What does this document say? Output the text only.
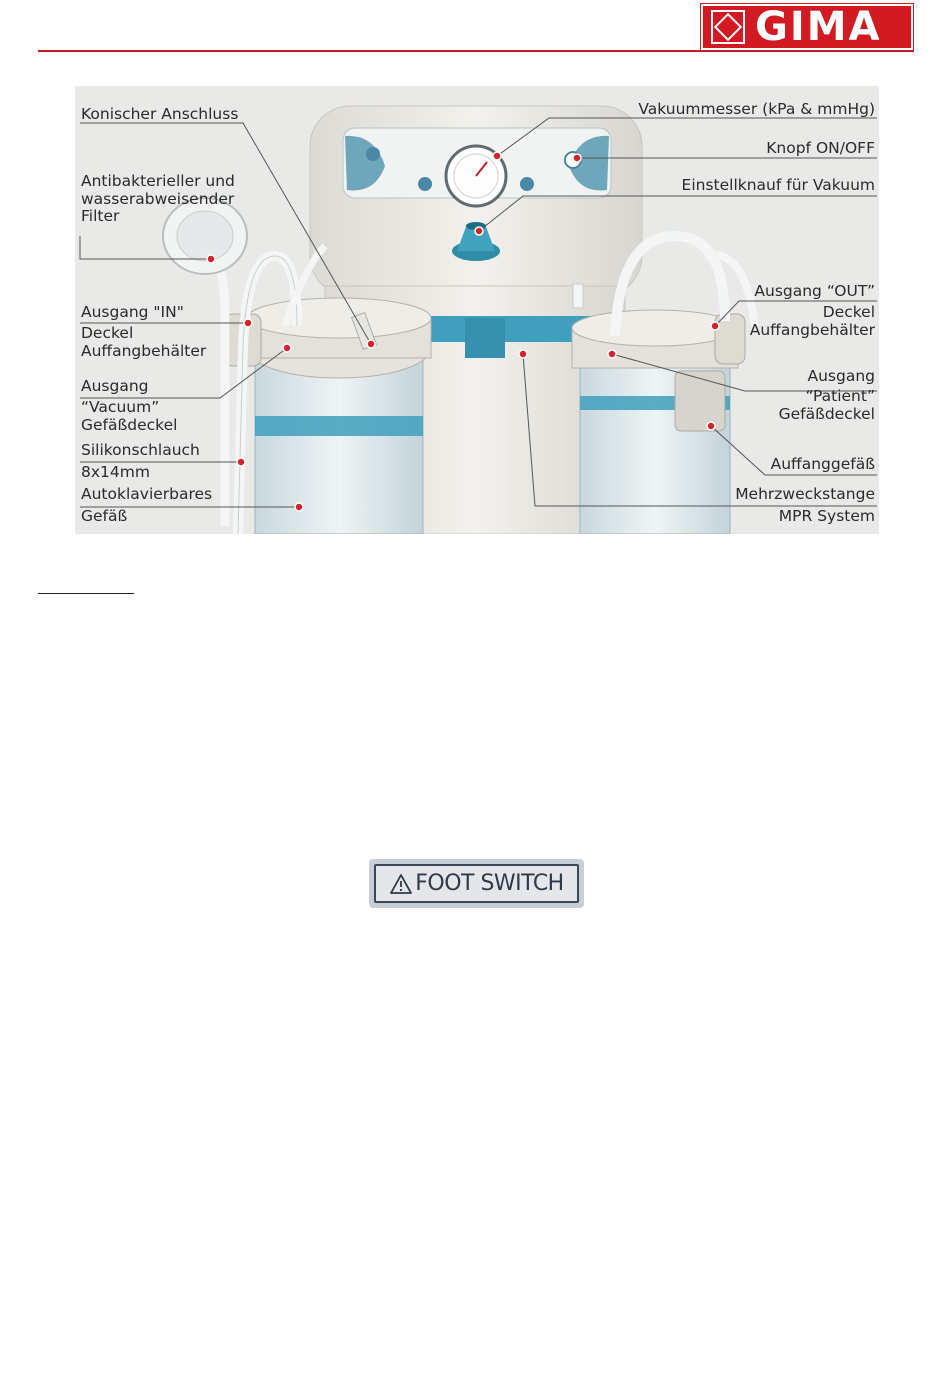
GIMA
Konischer Anschluss
Antibakterieller und
wasserabweisender
Filter
Ausgang "IN"
Deckel
Auffangbehälter
Ausgang
“Vacuum”
Gefäßdeckel
Silikonschlauch
8x14mm
Autoklavierbares
Gefäß
Vakuummesser (kPa & mmHg)
Knopf ON/OFF
Einstellknauf für Vakuum
Ausgang “OUT”
Deckel
Auffangbehälter
Ausgang
“Patient”
Gefäßdeckel
Auffanggefäß
Mehrzweckstange
MPR System
FOOT SWITCH
